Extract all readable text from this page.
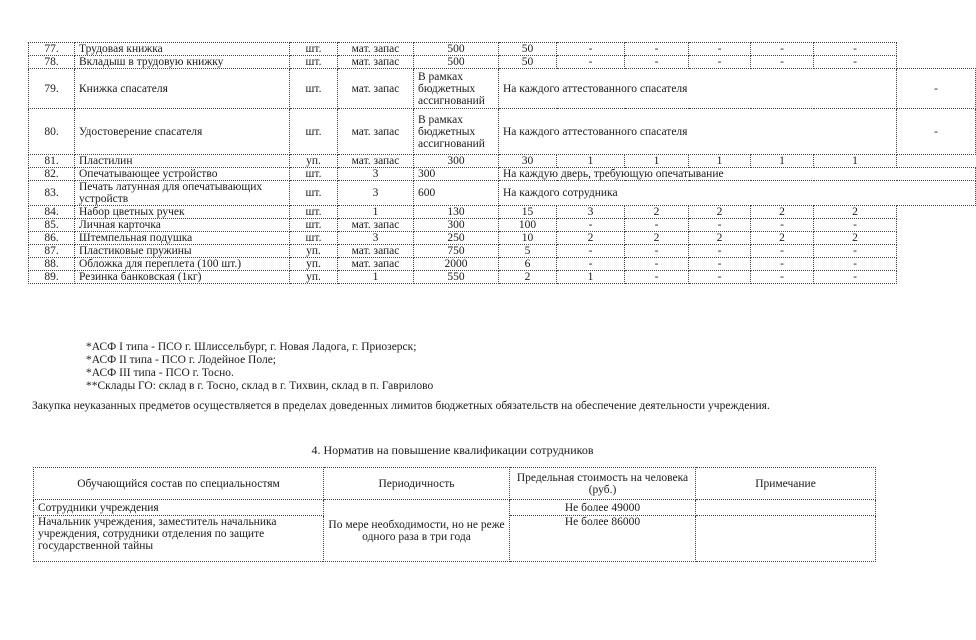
77.	Трудовая книжка	шт.	мат. запас	500	50	-	-	-	-	-	
78.	Вкладыш в трудовую книжку	шт.	мат. запас	500	50	-	-	-	-	-	
79.	Книжка спасателя	шт.	мат. запас	В рамках бюджетных ассигнований	На каждого аттестованного спасателя						-
80.	Удостоверение спасателя	шт.	мат. запас	В рамках бюджетных ассигнований	На каждого аттестованного спасателя						-
81.	Пластилин	уп.	мат. запас	300	30	1	1	1	1	1	
82.	Опечатывающее устройство	шт.	3	300	На каждую дверь, требующую опечатывание						
83.	Печать латунная для опечатывающих устройств	шт.	3	600	На каждого сотрудника						
84.	Набор цветных ручек	шт.	1	130	15	3	2	2	2	2	
85.	Личная карточка	шт.	мат. запас	300	100	-	-	-	-	-	
86.	Штемпельная подушка	шт.	3	250	10	2	2	2	2	2	
87.	Пластиковые пружины	уп.	мат. запас	750	5	-	-	-	-	-	
88.	Обложка для переплета (100 шт.)	уп.	мат. запас	2000	6	-	-	-	-	-	
89.	Резинка банковская (1кг)	уп.	1	550	2	1	-	-	-	-	
*АСФ I типа - ПСО г. Шлиссельбург, г. Новая Ладога, г. Приозерск;
*АСФ II типа - ПСО г. Лодейное Поле;
*АСФ III типа - ПСО г. Тосно.
**Склады ГО: склад в г. Тосно, склад в г. Тихвин, склад в п. Гаврилово
Закупка неуказанных предметов осуществляется в пределах доведенных лимитов бюджетных обязательств на обеспечение деятельности учреждения.
4. Норматив на повышение квалификации сотрудников
Обучающийся состав по специальностям	Периодичность	Предельная стоимость на человека (руб.)	Примечание
Сотрудники учреждения	По мере необходимости, но не реже одного раза в три года	Не более 49000	
Начальник учреждения, заместитель начальника учреждения, сотрудники отделения по защите государственной тайны		Не более 86000	
